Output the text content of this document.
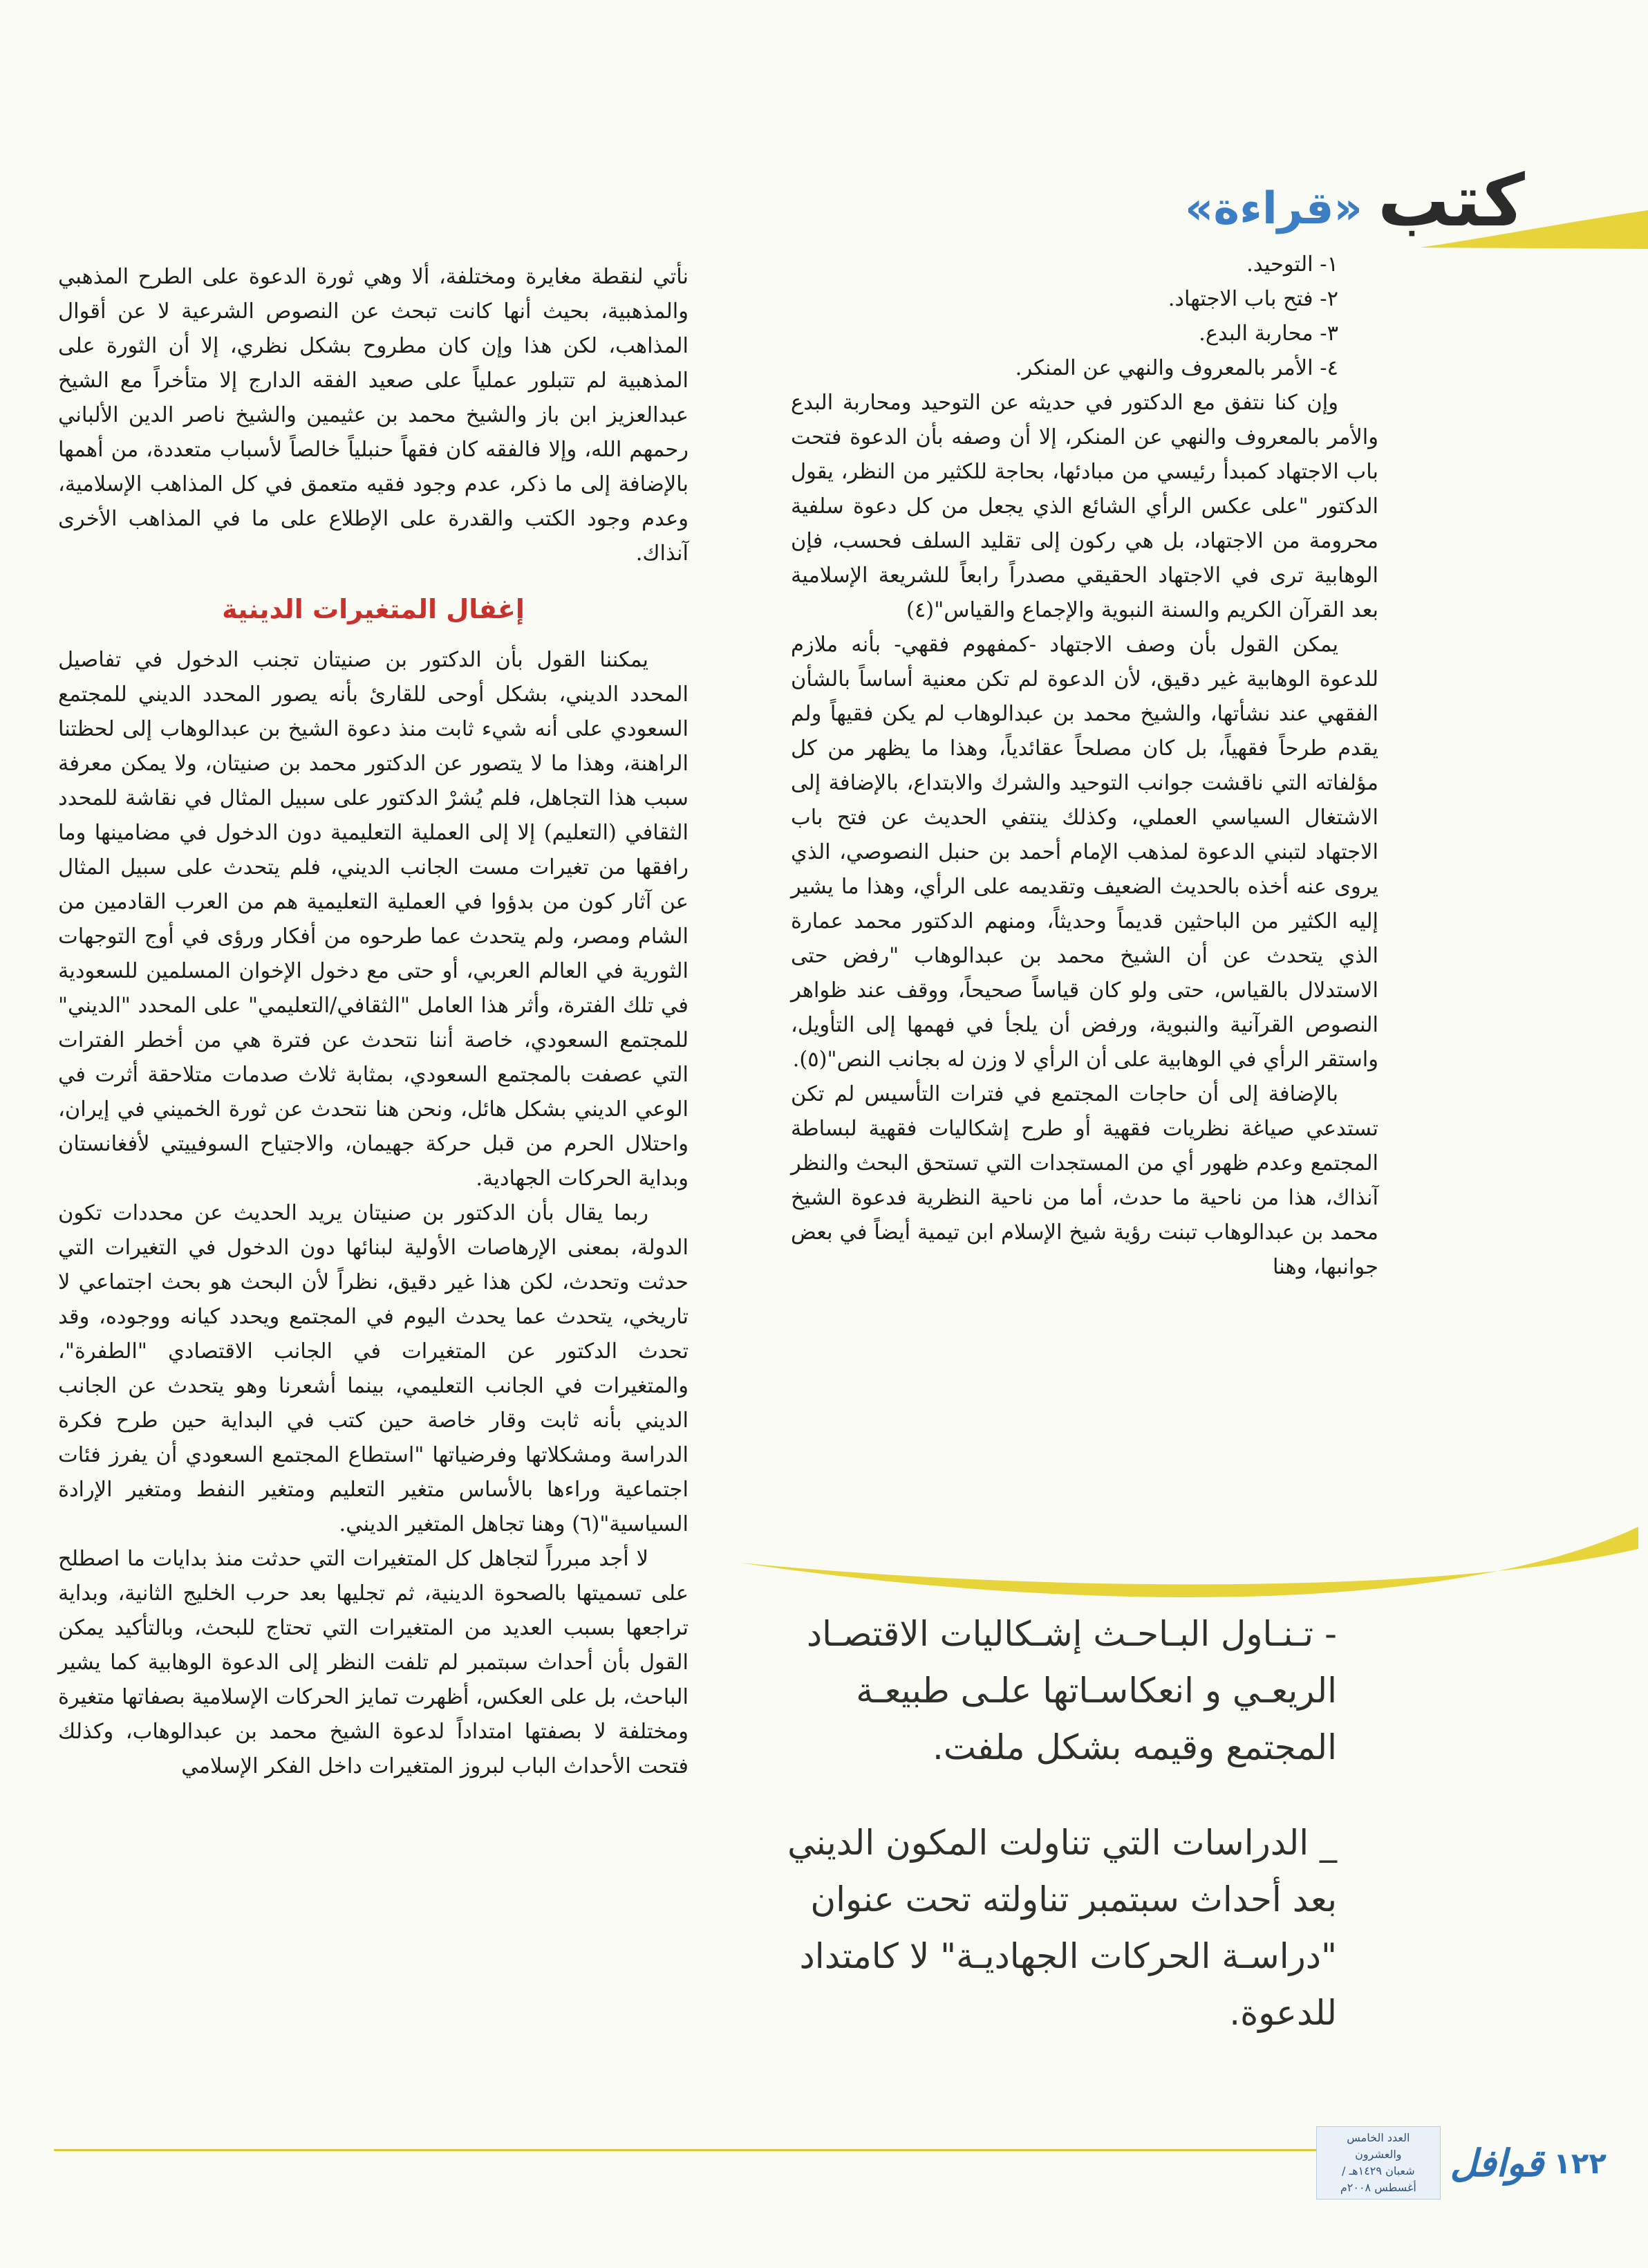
كتب
«قراءة»

١- التوحيد.

٢- فتح باب الاجتهاد.

٣- محاربة البدع.

٤- الأمر بالمعروف والنهي عن المنكر.

وإن كنا نتفق مع الدكتور في حديثه عن التوحيد ومحاربة البدع والأمر بالمعروف والنهي عن المنكر، إلا أن وصفه بأن الدعوة فتحت باب الاجتهاد كمبدأ رئيسي من مبادئها، بحاجة للكثير من النظر، يقول الدكتور "على عكس الرأي الشائع الذي يجعل من كل دعوة سلفية محرومة من الاجتهاد، بل هي ركون إلى تقليد السلف فحسب، فإن الوهابية ترى في الاجتهاد الحقيقي مصدراً رابعاً للشريعة الإسلامية بعد القرآن الكريم والسنة النبوية والإجماع والقياس"(٤)

يمكن القول بأن وصف الاجتهاد -كمفهوم فقهي- بأنه ملازم للدعوة الوهابية غير دقيق، لأن الدعوة لم تكن معنية أساساً بالشأن الفقهي عند نشأتها، والشيخ محمد بن عبدالوهاب لم يكن فقيهاً ولم يقدم طرحاً فقهياً، بل كان مصلحاً عقائدياً، وهذا ما يظهر من كل مؤلفاته التي ناقشت جوانب التوحيد والشرك والابتداع، بالإضافة إلى الاشتغال السياسي العملي، وكذلك ينتفي الحديث عن فتح باب الاجتهاد لتبني الدعوة لمذهب الإمام أحمد بن حنبل النصوصي، الذي يروى عنه أخذه بالحديث الضعيف وتقديمه على الرأي، وهذا ما يشير إليه الكثير من الباحثين قديماً وحديثاً، ومنهم الدكتور محمد عمارة الذي يتحدث عن أن الشيخ محمد بن عبدالوهاب "رفض حتى الاستدلال بالقياس، حتى ولو كان قياساً صحيحاً، ووقف عند ظواهر النصوص القرآنية والنبوية، ورفض أن يلجأ في فهمها إلى التأويل، واستقر الرأي في الوهابية على أن الرأي لا وزن له بجانب النص"(٥).

بالإضافة إلى أن حاجات المجتمع في فترات التأسيس لم تكن تستدعي صياغة نظريات فقهية أو طرح إشكاليات فقهية لبساطة المجتمع وعدم ظهور أي من المستجدات التي تستحق البحث والنظر آنذاك، هذا من ناحية ما حدث، أما من ناحية النظرية فدعوة الشيخ محمد بن عبدالوهاب تبنت رؤية شيخ الإسلام ابن تيمية أيضاً في بعض جوانبها، وهنا

نأتي لنقطة مغايرة ومختلفة، ألا وهي ثورة الدعوة على الطرح المذهبي والمذهبية، بحيث أنها كانت تبحث عن النصوص الشرعية لا عن أقوال المذاهب، لكن هذا وإن كان مطروح بشكل نظري، إلا أن الثورة على المذهبية لم تتبلور عملياً على صعيد الفقه الدارج إلا متأخراً مع الشيخ عبدالعزيز ابن باز والشيخ محمد بن عثيمين والشيخ ناصر الدين الألباني رحمهم الله، وإلا فالفقه كان فقهاً حنبلياً خالصاً لأسباب متعددة، من أهمها بالإضافة إلى ما ذكر، عدم وجود فقيه متعمق في كل المذاهب الإسلامية، وعدم وجود الكتب والقدرة على الإطلاع على ما في المذاهب الأخرى آنذاك.

إغفال المتغيرات الدينية

يمكننا القول بأن الدكتور بن صنيتان تجنب الدخول في تفاصيل المحدد الديني، بشكل أوحى للقارئ بأنه يصور المحدد الديني للمجتمع السعودي على أنه شيء ثابت منذ دعوة الشيخ بن عبدالوهاب إلى لحظتنا الراهنة، وهذا ما لا يتصور عن الدكتور محمد بن صنيتان، ولا يمكن معرفة سبب هذا التجاهل، فلم يُشرْ الدكتور على سبيل المثال في نقاشة للمحدد الثقافي (التعليم) إلا إلى العملية التعليمية دون الدخول في مضامينها وما رافقها من تغيرات مست الجانب الديني، فلم يتحدث على سبيل المثال عن آثار كون من بدؤوا في العملية التعليمية هم من العرب القادمين من الشام ومصر، ولم يتحدث عما طرحوه من أفكار ورؤى في أوج التوجهات الثورية في العالم العربي، أو حتى مع دخول الإخوان المسلمين للسعودية في تلك الفترة، وأثر هذا العامل "الثقافي/التعليمي" على المحدد "الديني" للمجتمع السعودي، خاصة أننا نتحدث عن فترة هي من أخطر الفترات التي عصفت بالمجتمع السعودي، بمثابة ثلاث صدمات متلاحقة أثرت في الوعي الديني بشكل هائل، ونحن هنا نتحدث عن ثورة الخميني في إيران، واحتلال الحرم من قبل حركة جهيمان، والاجتياح السوفييتي لأفغانستان وبداية الحركات الجهادية.

ربما يقال بأن الدكتور بن صنيتان يريد الحديث عن محددات تكون الدولة، بمعنى الإرهاصات الأولية لبنائها دون الدخول في التغيرات التي حدثت وتحدث، لكن هذا غير دقيق، نظراً لأن البحث هو بحث اجتماعي لا تاريخي، يتحدث عما يحدث اليوم في المجتمع ويحدد كيانه ووجوده، وقد تحدث الدكتور عن المتغيرات في الجانب الاقتصادي "الطفرة"، والمتغيرات في الجانب التعليمي، بينما أشعرنا وهو يتحدث عن الجانب الديني بأنه ثابت وقار خاصة حين كتب في البداية حين طرح فكرة الدراسة ومشكلاتها وفرضياتها "استطاع المجتمع السعودي أن يفرز فئات اجتماعية وراءها بالأساس متغير التعليم ومتغير النفط ومتغير الإرادة السياسية"(٦) وهنا تجاهل المتغير الديني.

لا أجد مبرراً لتجاهل كل المتغيرات التي حدثت منذ بدايات ما اصطلح على تسميتها بالصحوة الدينية، ثم تجليها بعد حرب الخليج الثانية، وبداية تراجعها بسبب العديد من المتغيرات التي تحتاج للبحث، وبالتأكيد يمكن القول بأن أحداث سبتمبر لم تلفت النظر إلى الدعوة الوهابية كما يشير الباحث، بل على العكس، أظهرت تمايز الحركات الإسلامية بصفاتها متغيرة ومختلفة لا بصفتها امتداداً لدعوة الشيخ محمد بن عبدالوهاب، وكذلك فتحت الأحداث الباب لبروز المتغيرات داخل الفكر الإسلامي

- تـنـاول البـاحـث إشـكاليات الاقتصـاد الريعـي و انعكاسـاتها علـى طبيعـة المجتمع وقيمه بشكل ملفت.

_ الدراسات التي تناولت المكون الديني بعد أحداث سبتمبر تناولته تحت عنوان "دراسـة الحركات الجهاديـة" لا كامتداد للدعوة.

١٢٢
قوافل
العدد الخامس والعشرون
شعبان ١٤٢٩هـ / أغسطس ٢٠٠٨م
